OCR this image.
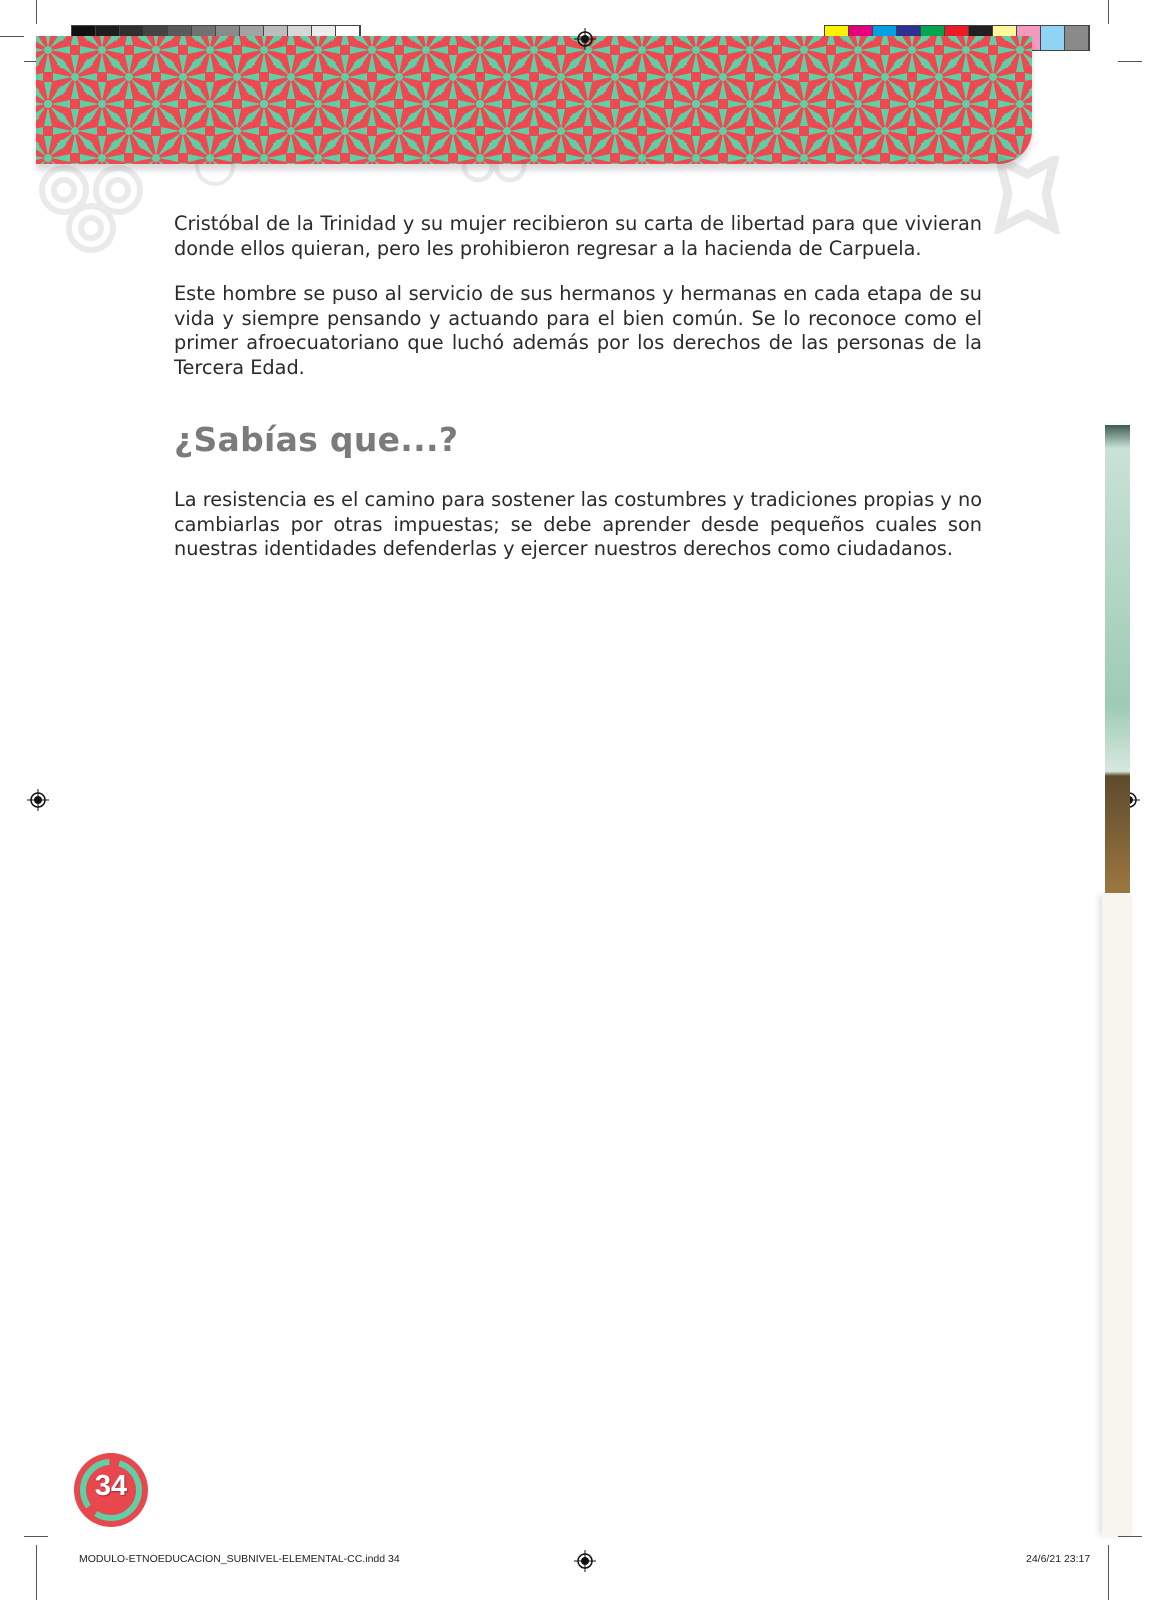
Cristóbal de la Trinidad y su mujer recibieron su carta de libertad para que vivieran donde ellos quieran, pero les prohibieron regresar a la hacienda de Carpuela.

Este hombre se puso al servicio de sus hermanos y hermanas en cada etapa de su vida y siempre pensando y actuando para el bien común. Se lo reconoce como el primer afroecuatoriano que luchó además por los derechos de las personas de la Tercera Edad.

¿Sabías que...?

La resistencia es el camino para sostener las costumbres y tradiciones propias y no cambiarlas por otras impuestas; se debe aprender desde pequeños cuales son nuestras identidades defenderlas y ejercer nuestros derechos como ciudadanos.

34
MODULO-ETNOEDUCACION_SUBNIVEL-ELEMENTAL-CC.indd 34	24/6/21 23:17
